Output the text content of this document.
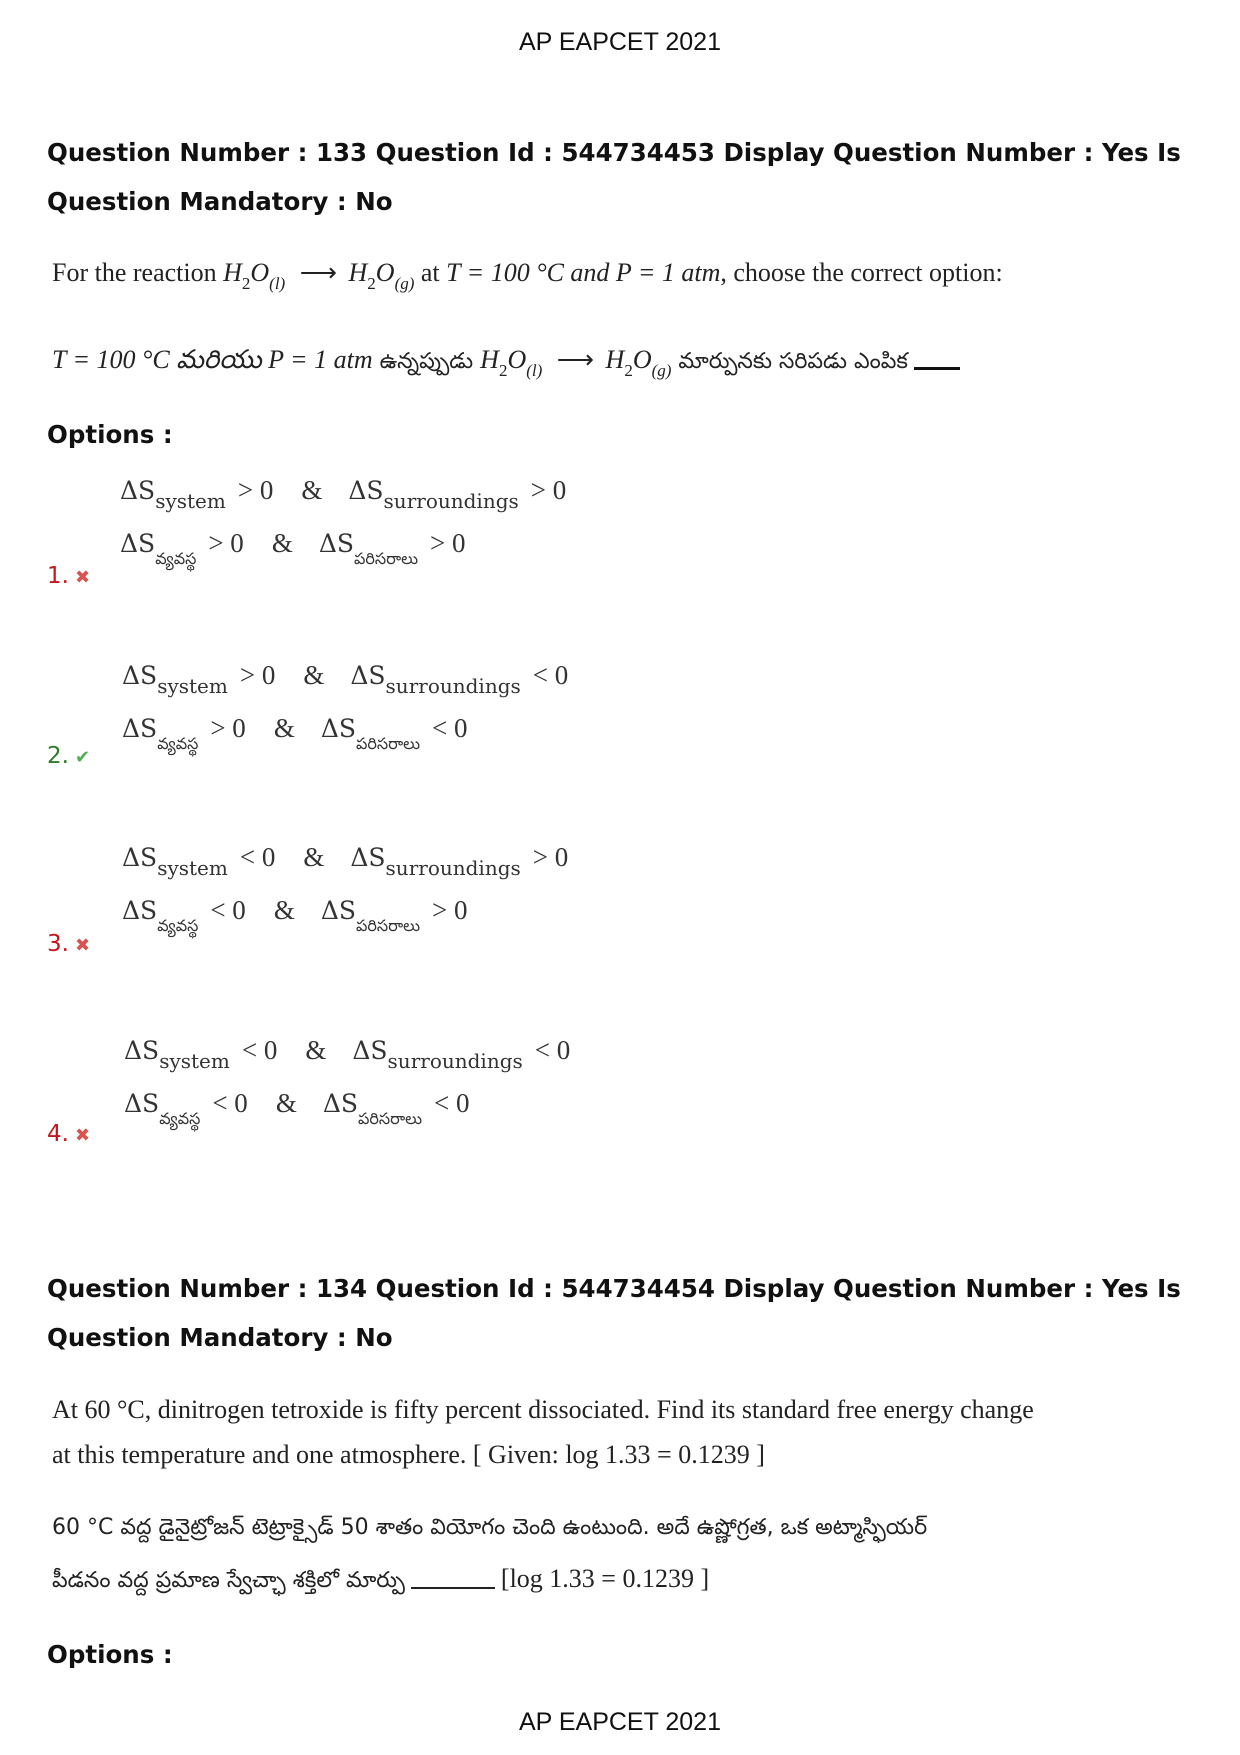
AP EAPCET 2021
Question Number : 133 Question Id : 544734453 Display Question Number : Yes Is Question Mandatory : No
For the reaction $H_2O_{(l)}$ ⟶ $H_2O_{(g)}$ at T = 100 °C and P = 1 atm, choose the correct option:
T = 100 °C మరియు P = 1 atm ఉన్నప్పుడు $H_2O_{(l)}$ ⟶ $H_2O_{(g)}$ మార్పునకు సరిపడు ఎంపిక
Options :
$\Delta S_{system} > 0$ & $\Delta S_{surroundings} > 0$
$\Delta S_{వ్యవస్థ}> 0$ & $\Delta S_{పరిసరాలు}> 0$
1. ✖
$\Delta S_{system} > 0$ & $\Delta S_{surroundings} < 0$
$\Delta S_{వ్యవస్థ}> 0$ & $\Delta S_{పరిసరాలు}< 0$
2. ✔
$\Delta S_{system} < 0$ & $\Delta S_{surroundings} > 0$
$\Delta S_{వ్యవస్థ}< 0$ & $\Delta S_{పరిసరాలు}> 0$
3. ✖
$\Delta S_{system} < 0$ & $\Delta S_{surroundings} < 0$
$\Delta S_{వ్యవస్థ}< 0$ & $\Delta S_{పరిసరాలు}< 0$
4. ✖
Question Number : 134 Question Id : 544734454 Display Question Number : Yes Is Question Mandatory : No
At 60 °C, dinitrogen tetroxide is fifty percent dissociated. Find its standard free energy change
at this temperature and one atmosphere. [ Given: log 1.33 = 0.1239 ]
60 °C వద్ద డైనైట్రోజన్ టెట్రాక్సైడ్ 50 శాతం వియోగం చెంది ఉంటుంది. అదే ఉష్ణోగ్రత, ఒక అట్మాస్ఫియర్
పీడనం వద్ద ప్రమాణ స్వేచ్ఛా శక్తిలో మార్పు	[log 1.33 = 0.1239 ]
Options :
AP EAPCET 2021
